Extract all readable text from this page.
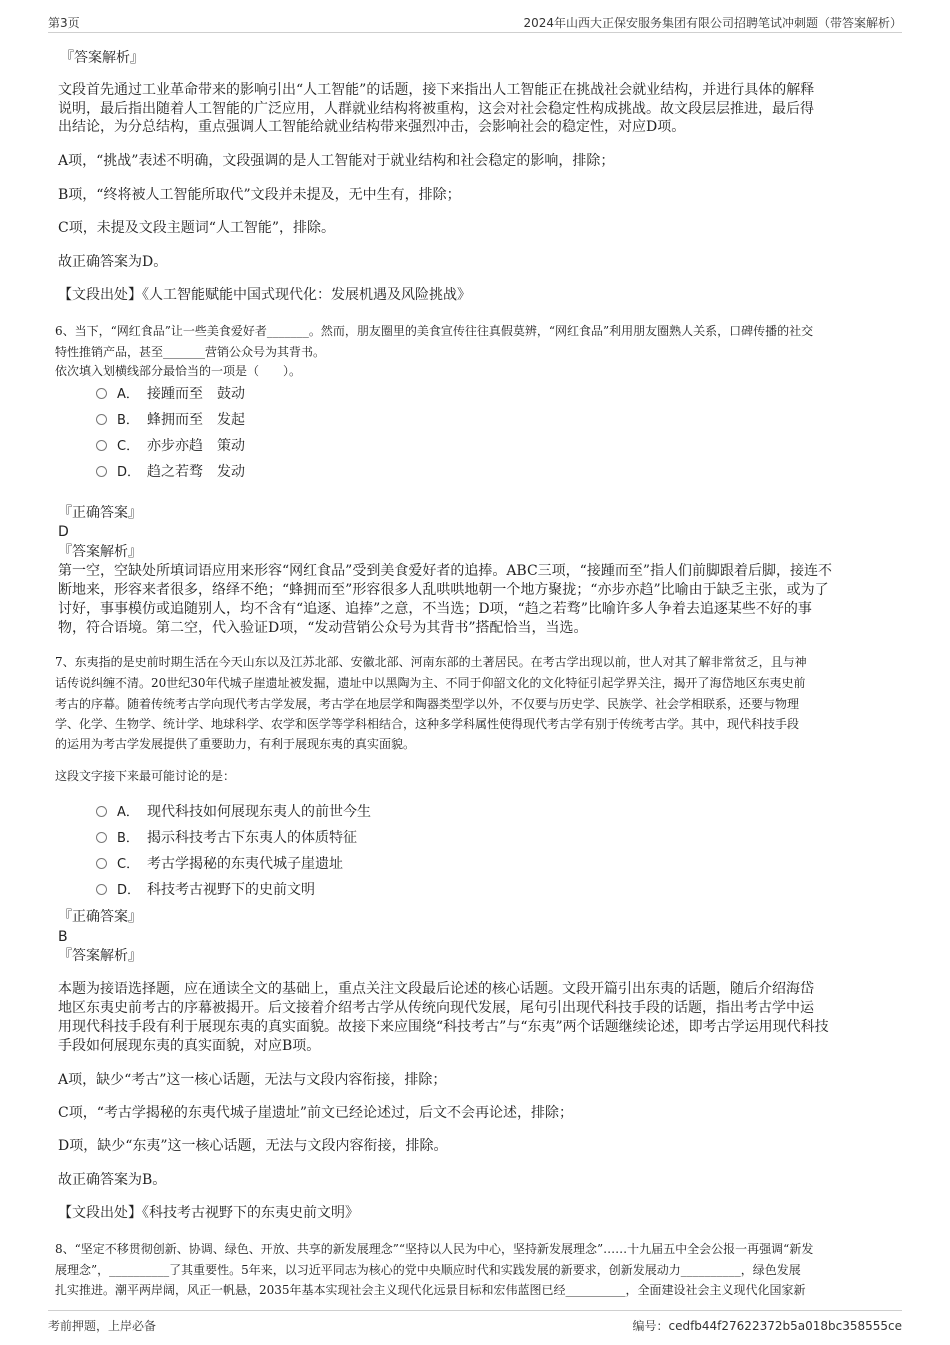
第3页	2024年山西大正保安服务集团有限公司招聘笔试冲刺题（带答案解析）
『答案解析』
文段首先通过工业革命带来的影响引出“人工智能”的话题，接下来指出人工智能正在挑战社会就业结构，并进行具体的解释
说明，最后指出随着人工智能的广泛应用，人群就业结构将被重构，这会对社会稳定性构成挑战。故文段层层推进，最后得
出结论，为分总结构，重点强调人工智能给就业结构带来强烈冲击，会影响社会的稳定性，对应D项。
A项，“挑战”表述不明确，文段强调的是人工智能对于就业结构和社会稳定的影响，排除；
B项，“终将被人工智能所取代”文段并未提及，无中生有，排除；
C项，未提及文段主题词“人工智能”，排除。
故正确答案为D。
【文段出处】《人工智能赋能中国式现代化：发展机遇及风险挑战》
6、当下，“网红食品”让一些美食爱好者_______。然而，朋友圈里的美食宣传往往真假莫辨，“网红食品”利用朋友圈熟人关系，口碑传播的社交
特性推销产品，甚至_______营销公众号为其背书。
依次填入划横线部分最恰当的一项是（　　）。
A． 接踵而至　鼓动
B． 蜂拥而至　发起
C． 亦步亦趋　策动
D． 趋之若骛　发动
『正确答案』
D
『答案解析』
第一空，空缺处所填词语应用来形容“网红食品”受到美食爱好者的追捧。ABC三项，“接踵而至”指人们前脚跟着后脚，接连不
断地来，形容来者很多，络绎不绝；“蜂拥而至”形容很多人乱哄哄地朝一个地方聚拢；“亦步亦趋”比喻由于缺乏主张，或为了
讨好，事事模仿或追随别人，均不含有“追逐、追捧”之意，不当选；D项，“趋之若骛”比喻许多人争着去追逐某些不好的事
物，符合语境。第二空，代入验证D项，“发动营销公众号为其背书”搭配恰当，当选。
7、东夷指的是史前时期生活在今天山东以及江苏北部、安徽北部、河南东部的土著居民。在考古学出现以前，世人对其了解非常贫乏，且与神
话传说纠缠不清。20世纪30年代城子崖遗址被发掘，遗址中以黑陶为主、不同于仰韶文化的文化特征引起学界关注，揭开了海岱地区东夷史前
考古的序幕。随着传统考古学向现代考古学发展，考古学在地层学和陶器类型学以外，不仅要与历史学、民族学、社会学相联系，还要与物理
学、化学、生物学、统计学、地球科学、农学和医学等学科相结合，这种多学科属性使得现代考古学有别于传统考古学。其中，现代科技手段
的运用为考古学发展提供了重要助力，有利于展现东夷的真实面貌。
这段文字接下来最可能讨论的是：
A． 现代科技如何展现东夷人的前世今生
B． 揭示科技考古下东夷人的体质特征
C． 考古学揭秘的东夷代城子崖遗址
D． 科技考古视野下的史前文明
『正确答案』
B
『答案解析』
本题为接语选择题，应在通读全文的基础上，重点关注文段最后论述的核心话题。文段开篇引出东夷的话题，随后介绍海岱
地区东夷史前考古的序幕被揭开。后文接着介绍考古学从传统向现代发展，尾句引出现代科技手段的话题，指出考古学中运
用现代科技手段有利于展现东夷的真实面貌。故接下来应围绕“科技考古”与“东夷”两个话题继续论述，即考古学运用现代科技
手段如何展现东夷的真实面貌，对应B项。
A项，缺少“考古”这一核心话题，无法与文段内容衔接，排除；
C项，“考古学揭秘的东夷代城子崖遗址”前文已经论述过，后文不会再论述，排除；
D项，缺少“东夷”这一核心话题，无法与文段内容衔接，排除。
故正确答案为B。
【文段出处】《科技考古视野下的东夷史前文明》
8、“坚定不移贯彻创新、协调、绿色、开放、共享的新发展理念”“坚持以人民为中心，坚持新发展理念”……十九届五中全会公报一再强调“新发
展理念”，__________了其重要性。5年来，以习近平同志为核心的党中央顺应时代和实践发展的新要求，创新发展动力__________，绿色发展
扎实推进。潮平两岸阔，风正一帆悬，2035年基本实现社会主义现代化远景目标和宏伟蓝图已经__________，全面建设社会主义现代化国家新
考前押题，上岸必备	编号：cedfb44f27622372b5a018bc358555ce
